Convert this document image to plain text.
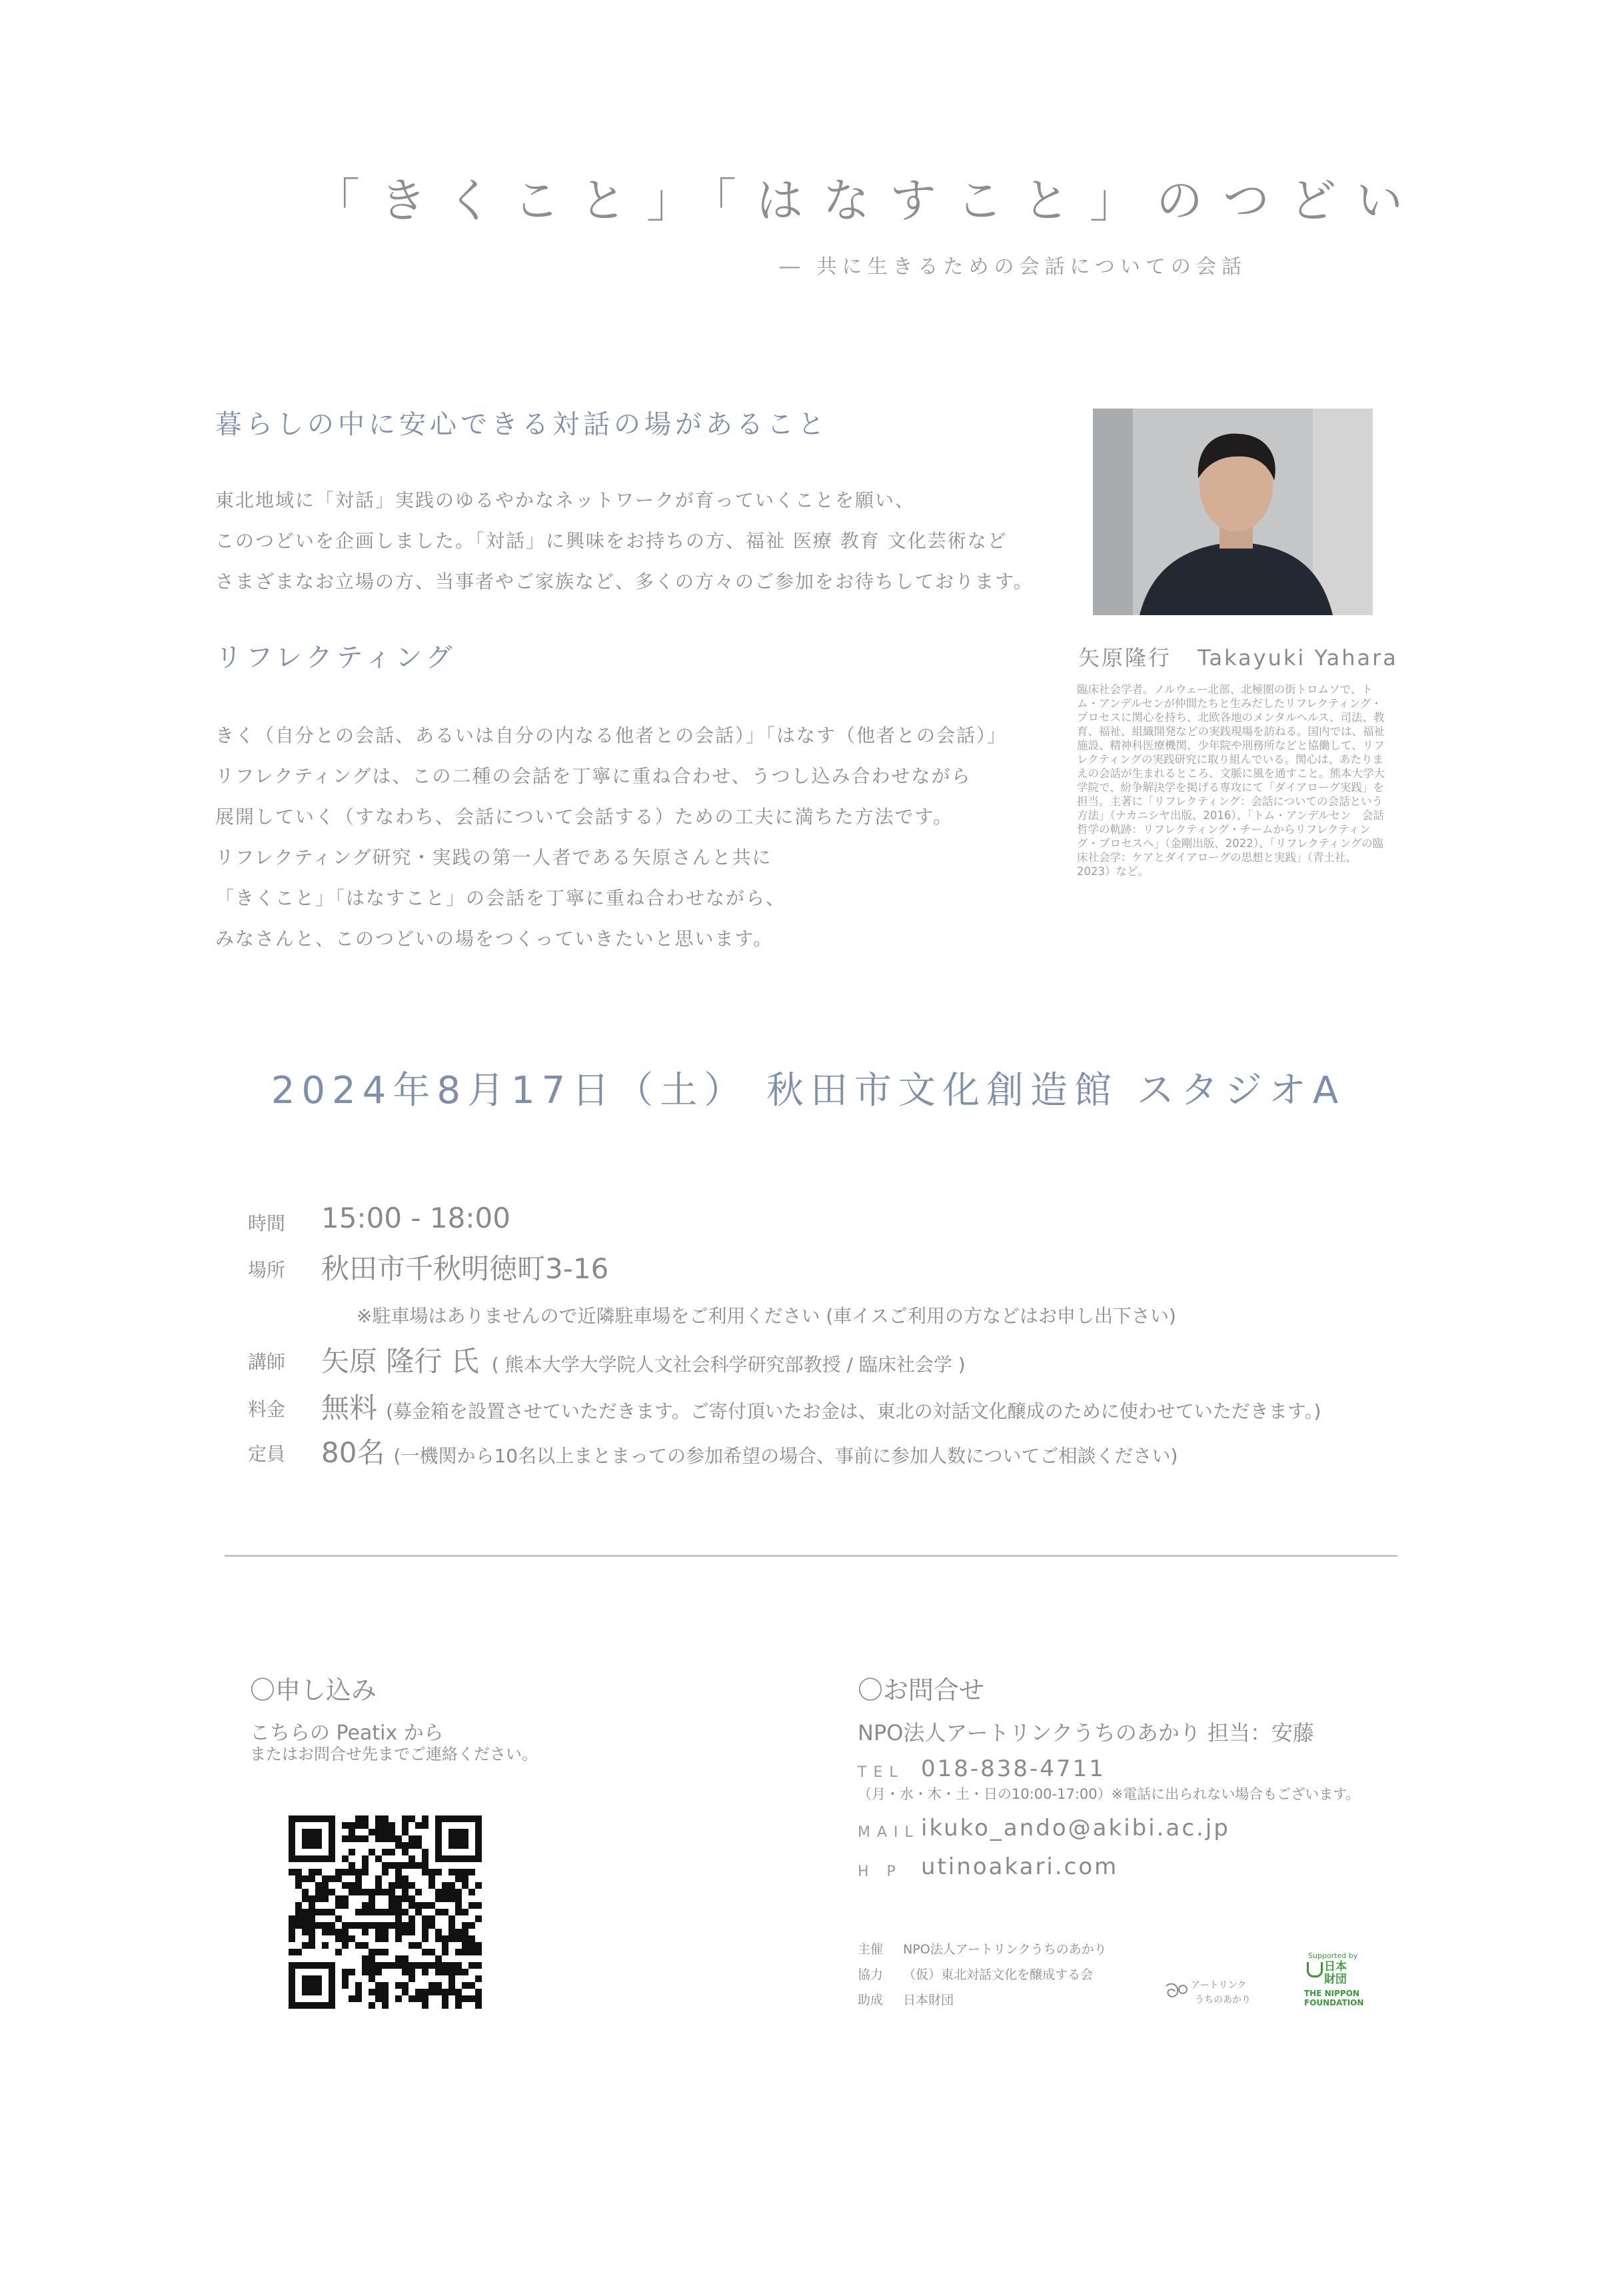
「きくこと」「はなすこと」のつどい
― 共に生きるための会話についての会話
暮らしの中に安心できる対話の場があること
東北地域に「対話」実践のゆるやかなネットワークが育っていくことを願い、
このつどいを企画しました。「対話」に興味をお持ちの方、福祉 医療 教育 文化芸術など
さまざまなお立場の方、当事者やご家族など、多くの方々のご参加をお待ちしております。
リフレクティング
きく（自分との会話、あるいは自分の内なる他者との会話）」「はなす（他者との会話）」
リフレクティングは、この二種の会話を丁寧に重ね合わせ、うつし込み合わせながら
展開していく（すなわち、会話について会話する）ための工夫に満ちた方法です。
リフレクティング研究・実践の第一人者である矢原さんと共に
「きくこと」「はなすこと」の会話を丁寧に重ね合わせながら、
みなさんと、このつどいの場をつくっていきたいと思います。
矢原隆行 Takayuki Yahara
臨床社会学者。ノルウェー北部、北極圏の街トロムソで、トム・アンデルセンが仲間たちと生みだしたリフレクティング・プロセスに関心を持ち、北欧各地のメンタルヘルス、司法、教育、福祉、組織開発などの実践現場を訪ねる。国内では、福祉施設、精神科医療機関、少年院や刑務所などと協働して、リフレクティングの実践研究に取り組んでいる。関心は、あたりまえの会話が生まれるところ、文脈に風を通すこと。熊本大学大学院で、紛争解決学を掲げる専攻にて「ダイアローグ実践」を担当。主著に「リフレクティング：会話についての会話という方法」（ナカニシヤ出版、2016）、「トム・アンデルセン　会話哲学の軌跡：リフレクティング・チームからリフレクティング・プロセスへ」（金剛出版、2022）、「リフレクティングの臨床社会学：ケアとダイアローグの思想と実践」（青土社、2023）など。
2024年8月17日（土） 秋田市文化創造館 スタジオA
時間 15:00 - 18:00
場所 秋田市千秋明徳町3-16
※駐車場はありませんので近隣駐車場をご利用ください (車イスご利用の方などはお申し出下さい)
講師 矢原 隆行 氏 ( 熊本大学大学院人文社会科学研究部教授 / 臨床社会学 )
料金 無料 (募金箱を設置させていただきます。ご寄付頂いたお金は、東北の対話文化醸成のために使わせていただきます。)
定員 80名 (一機関から10名以上まとまっての参加希望の場合、事前に参加人数についてご相談ください)
〇申し込み
こちらの Peatix から
またはお問合せ先までご連絡ください。
〇お問合せ
NPO法人アートリンクうちのあかり 担当：安藤
TEL 018-838-4711
（月・水・木・土・日の10:00-17:00）※電話に出られない場合もございます。
MAIL ikuko_ando@akibi.ac.jp
H P utinoakari.com
主催 NPO法人アートリンクうちのあかり
協力 （仮）東北対話文化を醸成する会
助成 日本財団
アートリンク
うちのあかり
Supported by
日本
財団
THE NIPPON
FOUNDATION
